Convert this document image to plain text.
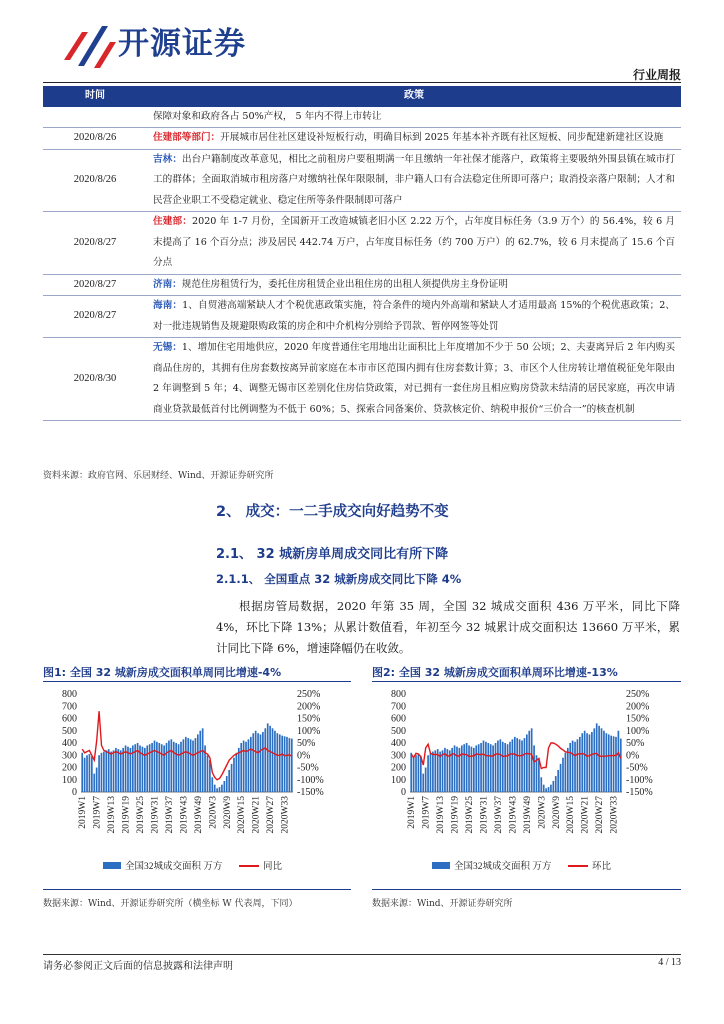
开源证券
行业周报
时间	政策
	保障对象和政府各占 50%产权， 5 年内不得上市转让
2020/8/26	住建部等部门：开展城市居住社区建设补短板行动，明确目标到 2025 年基本补齐既有社区短板、同步配建新建社区设施
2020/8/26	吉林：出台户籍制度改革意见，相比之前租房户要租期满一年且缴纳一年社保才能落户，政策将主要吸纳外围县镇在城市打工的群体；全面取消城市租房落户对缴纳社保年限限制，非户籍人口有合法稳定住所即可落户；取消投亲落户限制；人才和民营企业职工不受稳定就业、稳定住所等条件限制即可落户
2020/8/27	住建部：2020 年 1-7 月份，全国新开工改造城镇老旧小区 2.22 万个，占年度目标任务（3.9 万个）的 56.4%，较 6 月末提高了 16 个百分点；涉及居民 442.74 万户，占年度目标任务（约 700 万户）的 62.7%，较 6 月末提高了 15.6 个百分点
2020/8/27	济南：规范住房租赁行为，委托住房租赁企业出租住房的出租人须提供房主身份证明
2020/8/27	海南：1、自贸港高端紧缺人才个税优惠政策实施，符合条件的境内外高端和紧缺人才适用最高 15%的个税优惠政策；2、对一批违规销售及规避限购政策的房企和中介机构分别给予罚款、暂停网签等处罚
2020/8/30	无锡：1、增加住宅用地供应，2020 年度普通住宅用地出让面积比上年度增加不少于 50 公顷；2、夫妻离异后 2 年内购买商品住房的，其拥有住房套数按离异前家庭在本市市区范围内拥有住房套数计算；3、市区个人住房转让增值税征免年限由 2 年调整到 5 年；4、调整无锡市区差别化住房信贷政策，对已拥有一套住房且相应购房贷款未结清的居民家庭，再次申请商业贷款最低首付比例调整为不低于 60%；5、探索合同备案价、贷款核定价、纳税申报价“三价合一”的核查机制
资料来源：政府官网、乐居财经、Wind、开源证券研究所
2、 成交：一二手成交向好趋势不变
2.1、 32 城新房单周成交同比有所下降
2.1.1、 全国重点 32 城新房成交同比下降 4%
根据房管局数据，2020 年第 35 周，全国 32 城成交面积 436 万平米，同比下降 4%，环比下降 13%；从累计数值看，年初至今 32 城累计成交面积达 13660 万平米，累计同比下降 6%，增速降幅仍在收敛。
图1: 全国 32 城新房成交面积单周同比增速-4%
800
700
600
500
400
300
200
100
0
250%
200%
150%
100%
50%
0%
-50%
-100%
-150%
2019W1 2019W7 2019W13 2019W19 2019W25 2019W31 2019W37 2019W43 2019W49 2020W3 2020W9 2020W15 2020W21 2020W27 2020W33
全国32城成交面积 万方	同比
数据来源：Wind、开源证券研究所（横坐标 W 代表周，下同）
图2: 全国 32 城新房成交面积单周环比增速-13%
800
700
600
500
400
300
200
100
0
250%
200%
150%
100%
50%
0%
-50%
-100%
-150%
2019W1 2019W7 2019W13 2019W19 2019W25 2019W31 2019W37 2019W43 2019W49 2020W3 2020W9 2020W15 2020W21 2020W27 2020W33
全国32城成交面积 万方	环比
数据来源：Wind、开源证券研究所
请务必参阅正文后面的信息披露和法律声明	4 / 13
